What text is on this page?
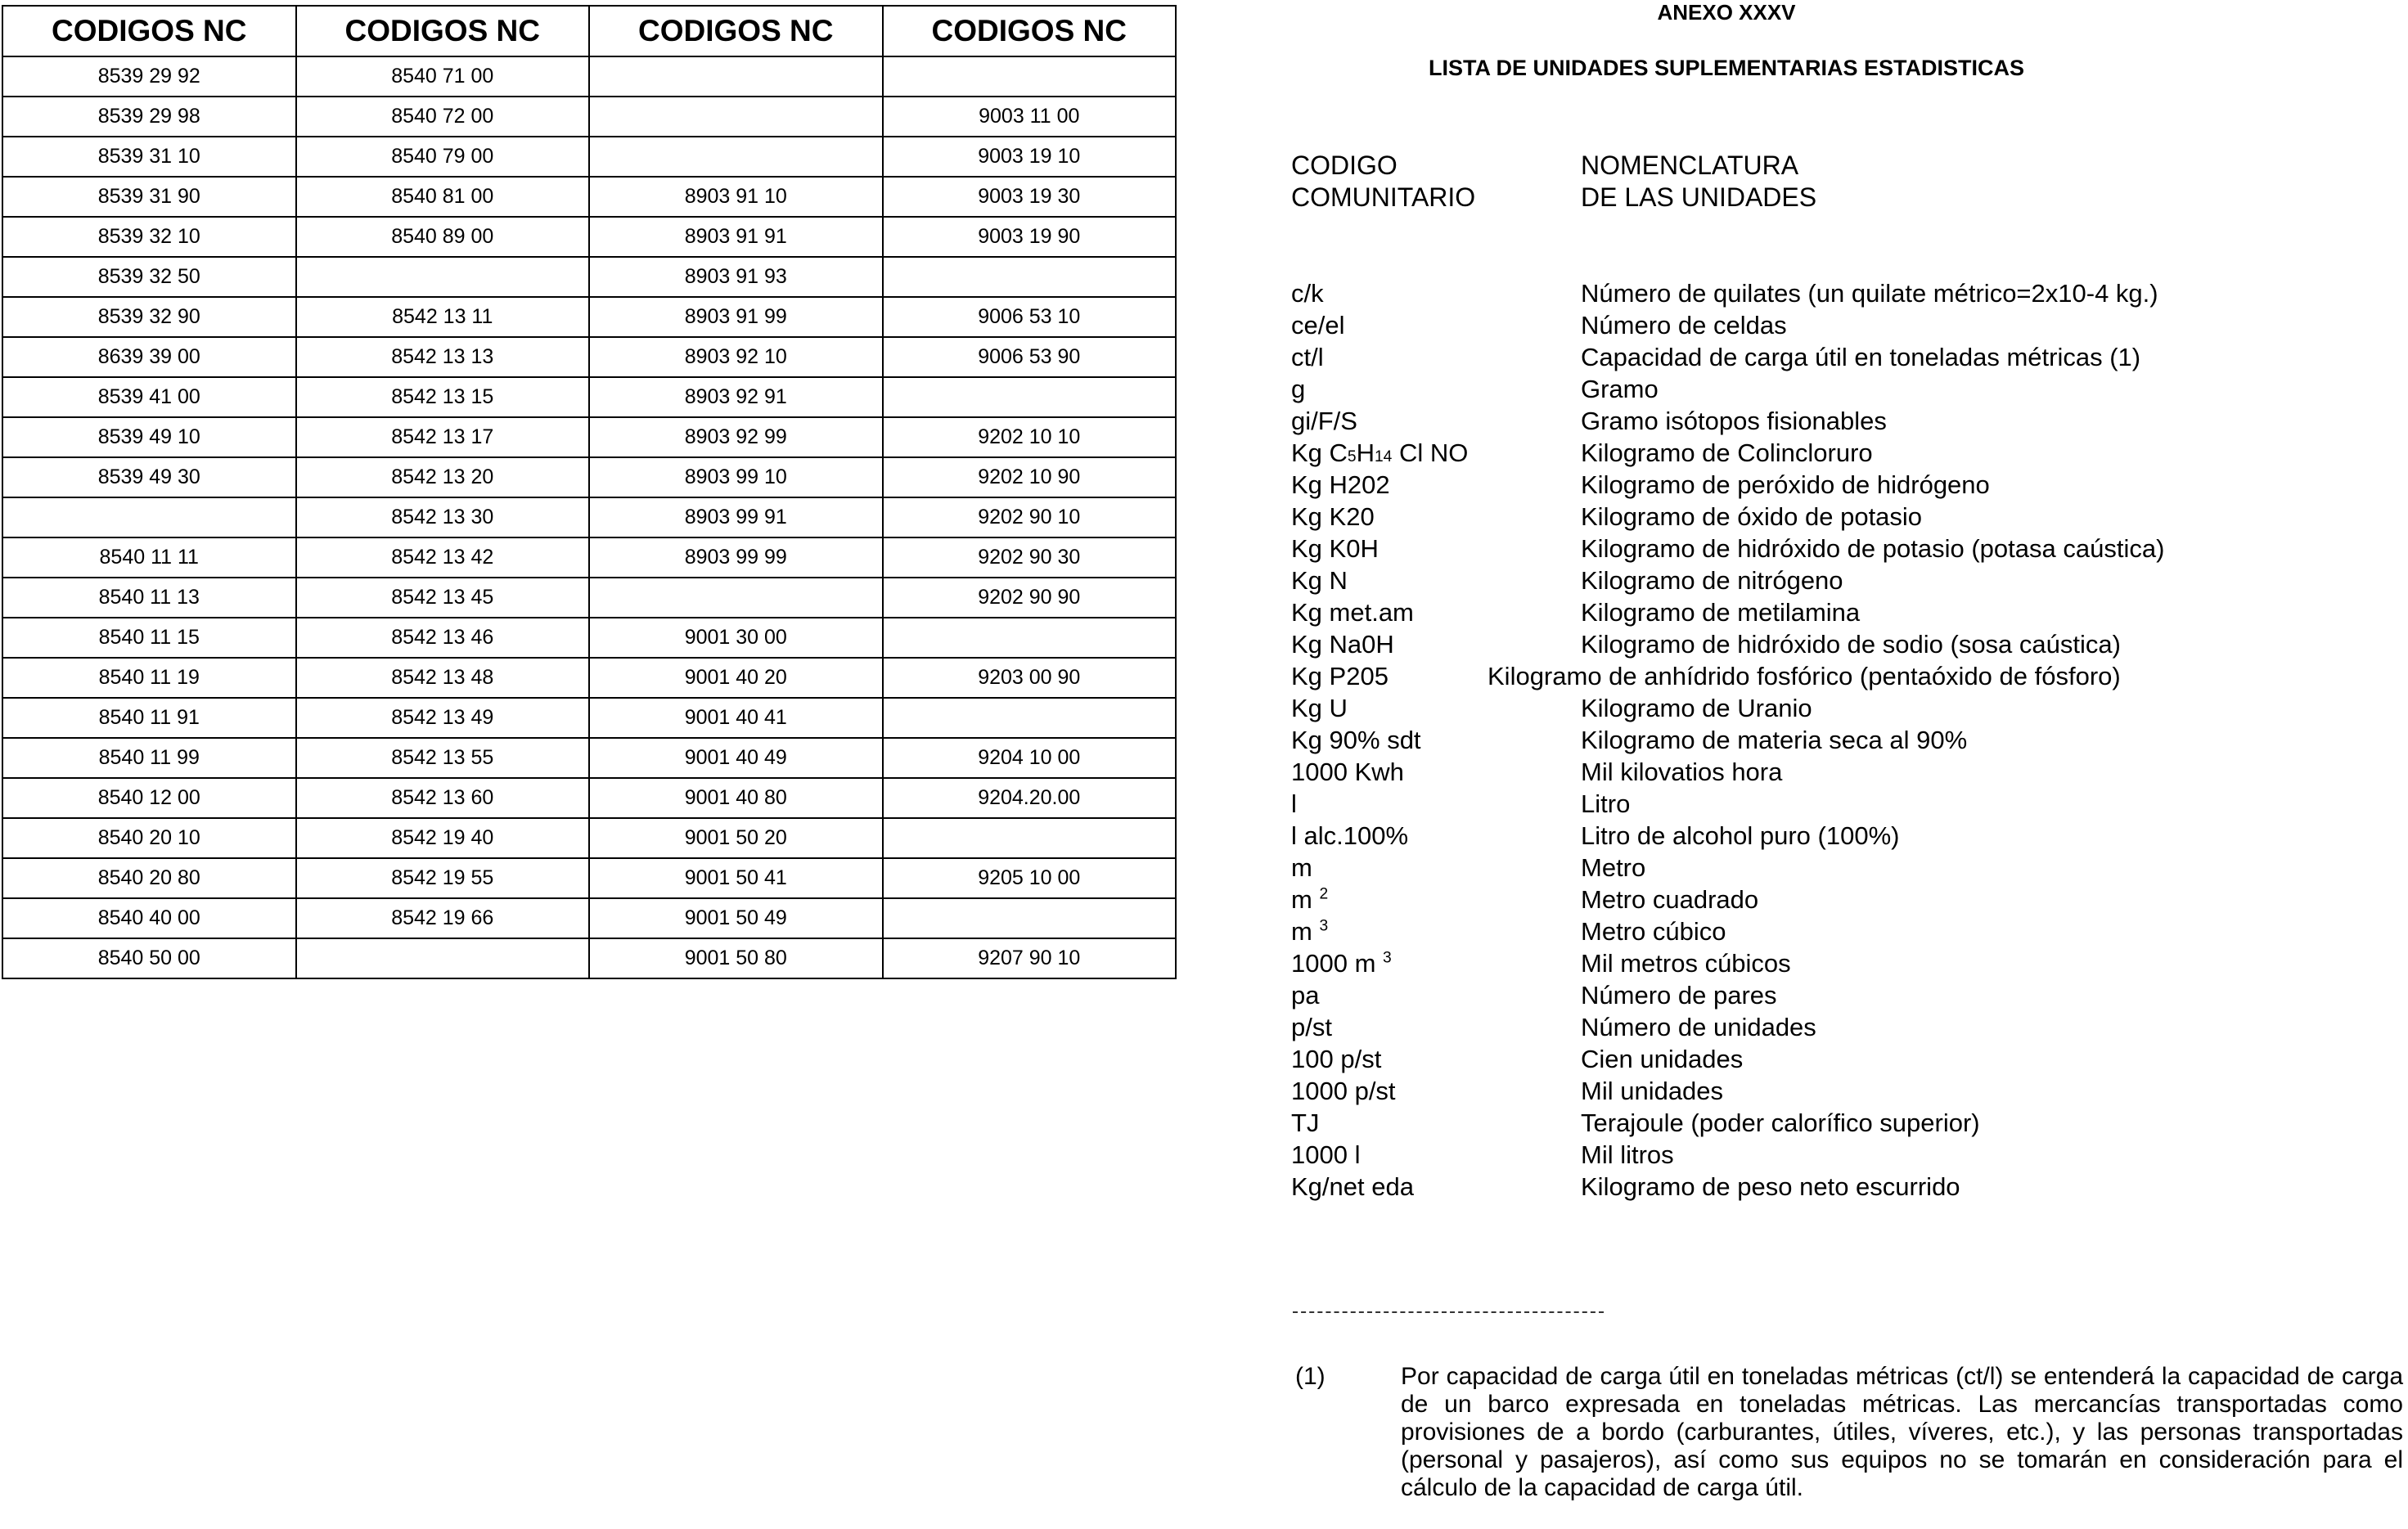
CODIGOS NC	CODIGOS NC	CODIGOS NC	CODIGOS NC
8539 29 92	8540 71 00		
8539 29 98	8540 72 00		9003 11 00
8539 31 10	8540 79 00		9003 19 10
8539 31 90	8540 81 00	8903 91 10	9003 19 30
8539 32 10	8540 89 00	8903 91 91	9003 19 90
8539 32 50		8903 91 93	
8539 32 90	8542 13 11	8903 91 99	9006 53 10
8639 39 00	8542 13 13	8903 92 10	9006 53 90
8539 41 00	8542 13 15	8903 92 91	
8539 49 10	8542 13 17	8903 92 99	9202 10 10
8539 49 30	8542 13 20	8903 99 10	9202 10 90
	8542 13 30	8903 99 91	9202 90 10
8540 11 11	8542 13 42	8903 99 99	9202 90 30
8540 11 13	8542 13 45		9202 90 90
8540 11 15	8542 13 46	9001 30 00	
8540 11 19	8542 13 48	9001 40 20	9203 00 90
8540 11 91	8542 13 49	9001 40 41	
8540 11 99	8542 13 55	9001 40 49	9204 10 00
8540 12 00	8542 13 60	9001 40 80	9204.20.00
8540 20 10	8542 19 40	9001 50 20	
8540 20 80	8542 19 55	9001 50 41	9205 10 00
8540 40 00	8542 19 66	9001 50 49	
8540 50 00		9001 50 80	9207 90 10
ANEXO XXXV
LISTA DE UNIDADES SUPLEMENTARIAS ESTADISTICAS
CODIGO
COMUNITARIO
NOMENCLATURA
DE LAS UNIDADES
c/k	Número de quilates (un quilate métrico=2x10-4 kg.)
ce/el	Número de celdas
ct/l	Capacidad de carga útil en toneladas métricas (1)
g	Gramo
gi/F/S	Gramo isótopos fisionables
Kg C5H14 Cl NO	Kilogramo de Colincloruro
Kg H202	Kilogramo de peróxido de hidrógeno
Kg K20	Kilogramo de óxido de potasio
Kg K0H	Kilogramo de hidróxido de potasio (potasa caústica)
Kg N	Kilogramo de nitrógeno
Kg met.am	Kilogramo de metilamina
Kg Na0H	Kilogramo de hidróxido de sodio (sosa caústica)
Kg P205	Kilogramo de anhídrido fosfórico (pentaóxido de fósforo)
Kg U	Kilogramo de Uranio
Kg 90% sdt	Kilogramo de materia seca al 90%
1000 Kwh	Mil kilovatios hora
l	Litro
l alc.100%	Litro de alcohol puro (100%)
m	Metro
m $^2$	Metro cuadrado
m $^3$	Metro cúbico
1000 m $^3$	Mil metros cúbicos
pa	Número de pares
p/st	Número de unidades
100 p/st	Cien unidades
1000 p/st	Mil unidades
TJ	Terajoule (poder calorífico superior)
1000 l	Mil litros
Kg/net eda	Kilogramo de peso neto escurrido
(1)	Por capacidad de carga útil en toneladas métricas (ct/l) se entenderá la capacidad de carga de un barco expresada en toneladas métricas. Las mercancías transportadas como provisiones de a bordo (carburantes, útiles, víveres, etc.), y las personas transportadas (personal y pasajeros), así como sus equipos no se tomarán en consideración para el cálculo de la capacidad de carga útil.
